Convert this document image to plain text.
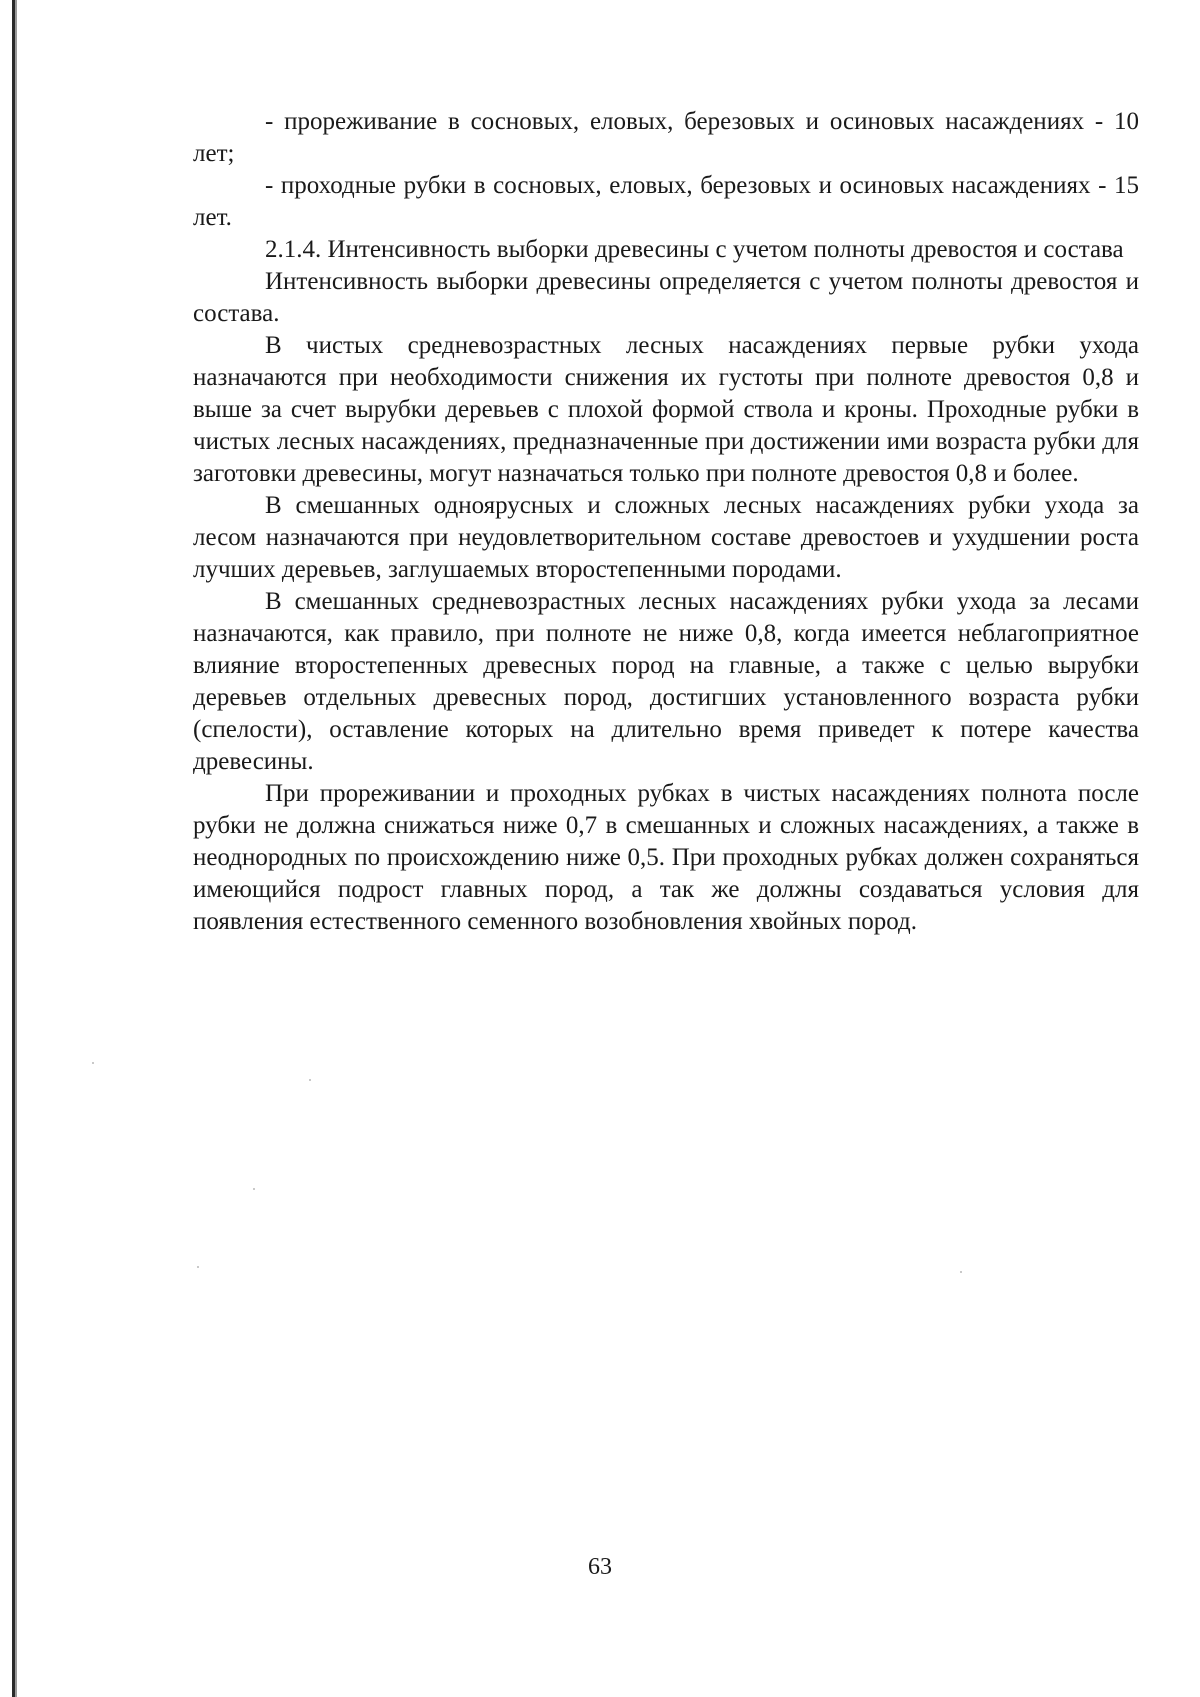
- прореживание в сосновых, еловых, березовых и осиновых насаждениях - 10 лет;

- проходные рубки в сосновых, еловых, березовых и осиновых насаждениях - 15 лет.

2.1.4. Интенсивность выборки древесины с учетом полноты древостоя и состава

Интенсивность выборки древесины определяется с учетом полноты древостоя и состава.

В чистых средневозрастных лесных насаждениях первые рубки ухода назначаются при необходимости снижения их густоты при полноте древостоя 0,8 и выше за счет вырубки деревьев с плохой формой ствола и кроны. Проходные рубки в чистых лесных насаждениях, предназначенные при достижении ими возраста рубки для заготовки древесины, могут назначаться только при полноте древостоя 0,8 и более.

В смешанных одноярусных и сложных лесных насаждениях рубки ухода за лесом назначаются при неудовлетворительном составе древостоев и ухудшении роста лучших деревьев, заглушаемых второстепенными породами.

В смешанных средневозрастных лесных насаждениях рубки ухода за лесами назначаются, как правило, при полноте не ниже 0,8, когда имеется неблагоприятное влияние второстепенных древесных пород на главные, а также с целью вырубки деревьев отдельных древесных пород, достигших установленного возраста рубки (спелости), оставление которых на длительно время приведет к потере качества древесины.

При прореживании и проходных рубках в чистых насаждениях полнота после рубки не должна снижаться ниже 0,7 в смешанных и сложных насаждениях, а также в неоднородных по происхождению ниже 0,5. При проходных рубках должен сохраняться имеющийся подрост главных пород, а так же должны создаваться условия для появления естественного семенного возобновления хвойных пород.

63
